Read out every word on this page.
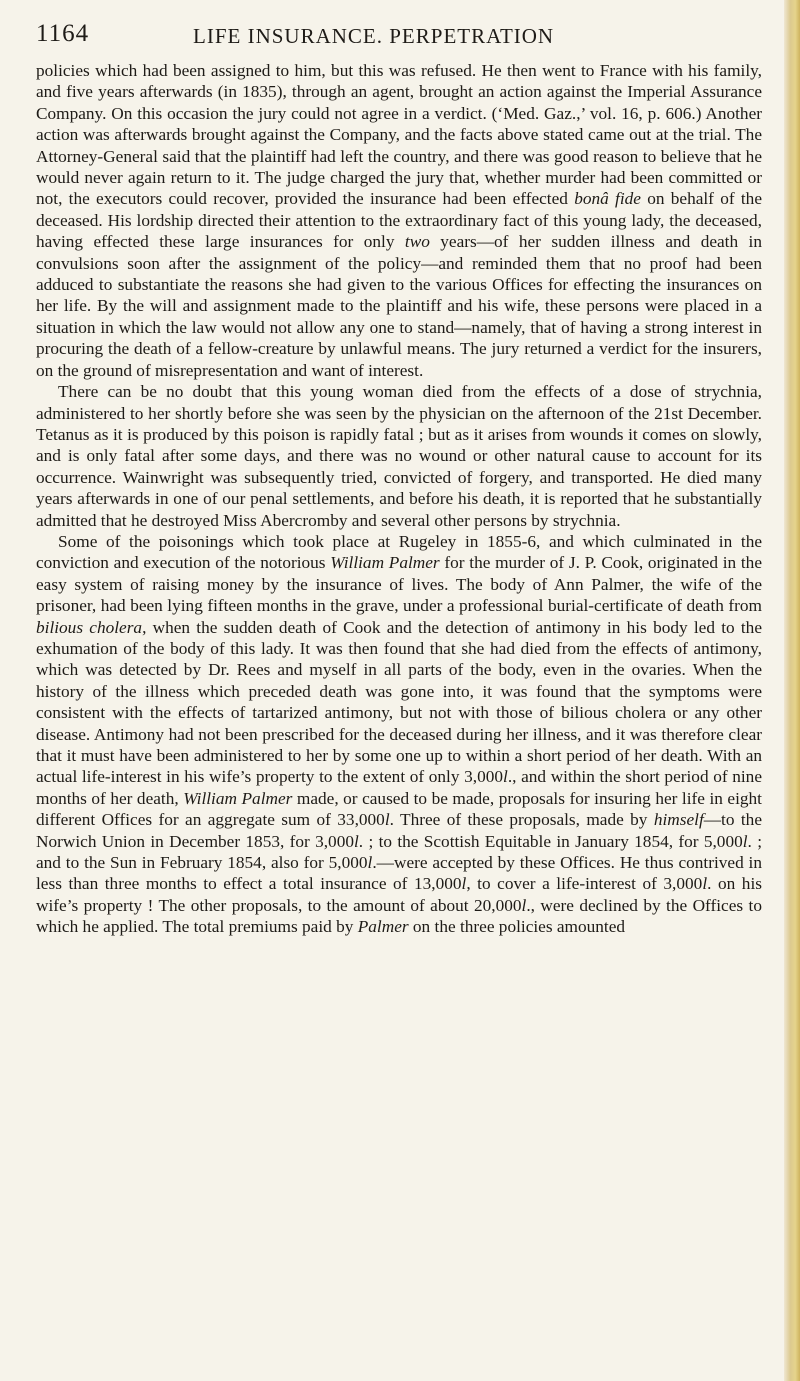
1164	LIFE INSURANCE. PERPETRATION

policies which had been assigned to him, but this was refused. He then went to France with his family, and five years afterwards (in 1835), through an agent, brought an action against the Imperial Assurance Company. On this occasion the jury could not agree in a verdict. (‘Med. Gaz.,’ vol. 16, p. 606.) Another action was afterwards brought against the Company, and the facts above stated came out at the trial. The Attorney-General said that the plaintiff had left the country, and there was good reason to believe that he would never again return to it. The judge charged the jury that, whether murder had been committed or not, the executors could recover, provided the insurance had been effected bonâ fide on behalf of the deceased. His lordship directed their attention to the extraordinary fact of this young lady, the deceased, having effected these large insurances for only two years—of her sudden illness and death in convulsions soon after the assignment of the policy—and reminded them that no proof had been adduced to substantiate the reasons she had given to the various Offices for effecting the insurances on her life. By the will and assignment made to the plaintiff and his wife, these persons were placed in a situation in which the law would not allow any one to stand—namely, that of having a strong interest in procuring the death of a fellow-creature by unlawful means. The jury returned a verdict for the insurers, on the ground of misrepresentation and want of interest.

There can be no doubt that this young woman died from the effects of a dose of strychnia, administered to her shortly before she was seen by the physician on the afternoon of the 21st December. Tetanus as it is produced by this poison is rapidly fatal ; but as it arises from wounds it comes on slowly, and is only fatal after some days, and there was no wound or other natural cause to account for its occurrence. Wainwright was subsequently tried, convicted of forgery, and transported. He died many years afterwards in one of our penal settlements, and before his death, it is reported that he substantially admitted that he destroyed Miss Abercromby and several other persons by strychnia.

Some of the poisonings which took place at Rugeley in 1855-6, and which culminated in the conviction and execution of the notorious William Palmer for the murder of J. P. Cook, originated in the easy system of raising money by the insurance of lives. The body of Ann Palmer, the wife of the prisoner, had been lying fifteen months in the grave, under a professional burial-certificate of death from bilious cholera, when the sudden death of Cook and the detection of antimony in his body led to the exhumation of the body of this lady. It was then found that she had died from the effects of antimony, which was detected by Dr. Rees and myself in all parts of the body, even in the ovaries. When the history of the illness which preceded death was gone into, it was found that the symptoms were consistent with the effects of tartarized antimony, but not with those of bilious cholera or any other disease. Antimony had not been prescribed for the deceased during her illness, and it was therefore clear that it must have been administered to her by some one up to within a short period of her death. With an actual life-interest in his wife’s property to the extent of only 3,000l., and within the short period of nine months of her death, William Palmer made, or caused to be made, proposals for insuring her life in eight different Offices for an aggregate sum of 33,000l. Three of these proposals, made by himself—to the Norwich Union in December 1853, for 3,000l. ; to the Scottish Equitable in January 1854, for 5,000l. ; and to the Sun in February 1854, also for 5,000l.—were accepted by these Offices. He thus contrived in less than three months to effect a total insurance of 13,000l, to cover a life-interest of 3,000l. on his wife’s property ! The other proposals, to the amount of about 20,000l., were declined by the Offices to which he applied. The total premiums paid by Palmer on the three policies amounted
